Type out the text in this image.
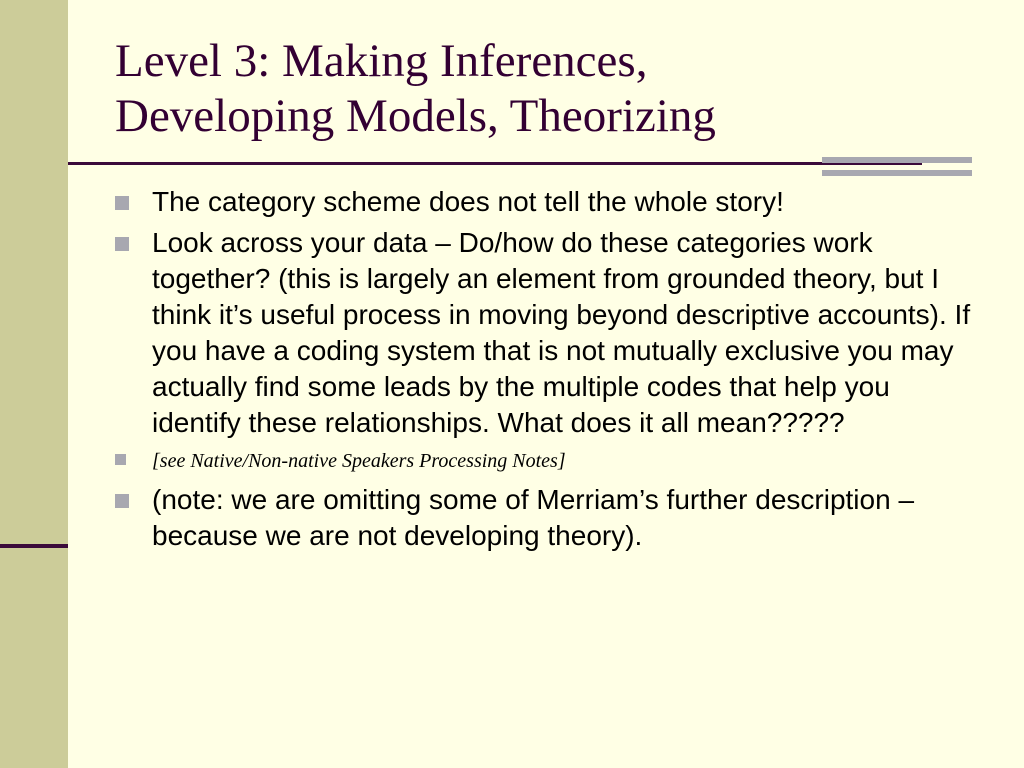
Level 3: Making Inferences,
Developing Models, Theorizing
The category scheme does not tell the whole story!
Look across your data – Do/how do these categories work together? (this is largely an element from grounded theory, but I think it’s useful process in moving beyond descriptive accounts). If you have a coding system that is not mutually exclusive you may actually find some leads by the multiple codes that help you identify these relationships. What does it all mean?????
[see Native/Non-native Speakers Processing Notes]
(note: we are omitting some of Merriam’s further description – because we are not developing theory).
